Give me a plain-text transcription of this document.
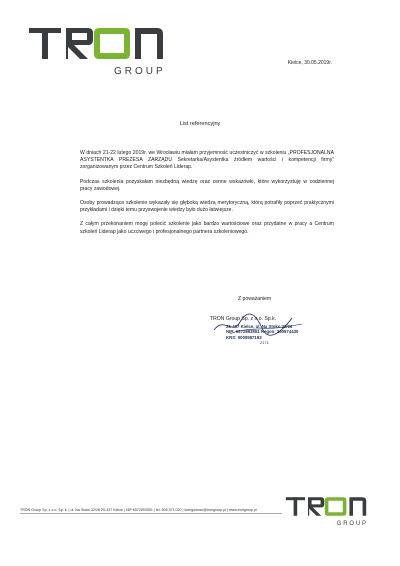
GROUP
Kielce, 30.05.2019r.
List referencyjny

W dniach 21-22 lutego 2019r. we Wrocławiu miałam przyjemność uczestniczyć w szkoleniu „PROFESJONALNA ASYSTENTKA PREZESA ZARZĄDU Sekretarka/Asystentka źródłem wartości i kompetencji firmy” zorganizowanym przez Centrum Szkoleń Liderap.

Podczas szkolenia pozyskałam niezbędną wiedzę oraz cenne wskazówki, które wykorzystuję w codziennej pracy zawodowej.

Osoby prowadzące szkolenie wykazały się głęboką wiedzą merytoryczną, którą potrafiły poprzeć praktycznymi przykładami i dzięki temu przyswojenie wiedzy było dużo łatwiejsze.

Z całym przekonaniem mogę polecić szkolenie jako bardzo wartościowe oraz przydatne w pracy a Centrum szkoleń Liderap jako uczciwego i profesjonalnego partnera szkoleniowego.

Z poważaniem
TRON Group Sp. z o.o. Sp.k.
25-437 Kielce, ul. Na Stoku 32/26
NIP: 6572893551 Regon: 260574430
KRS: 0000587193
2171
TRON Group Sp. z o.o. Sp. k. | ul. Na Stoku 32/26 25-437 Kielce | NIP 6572893551 | tel. 605 371 020 | kolegowosc@trongroup.pl | www.trongroup.pl
GROUP
